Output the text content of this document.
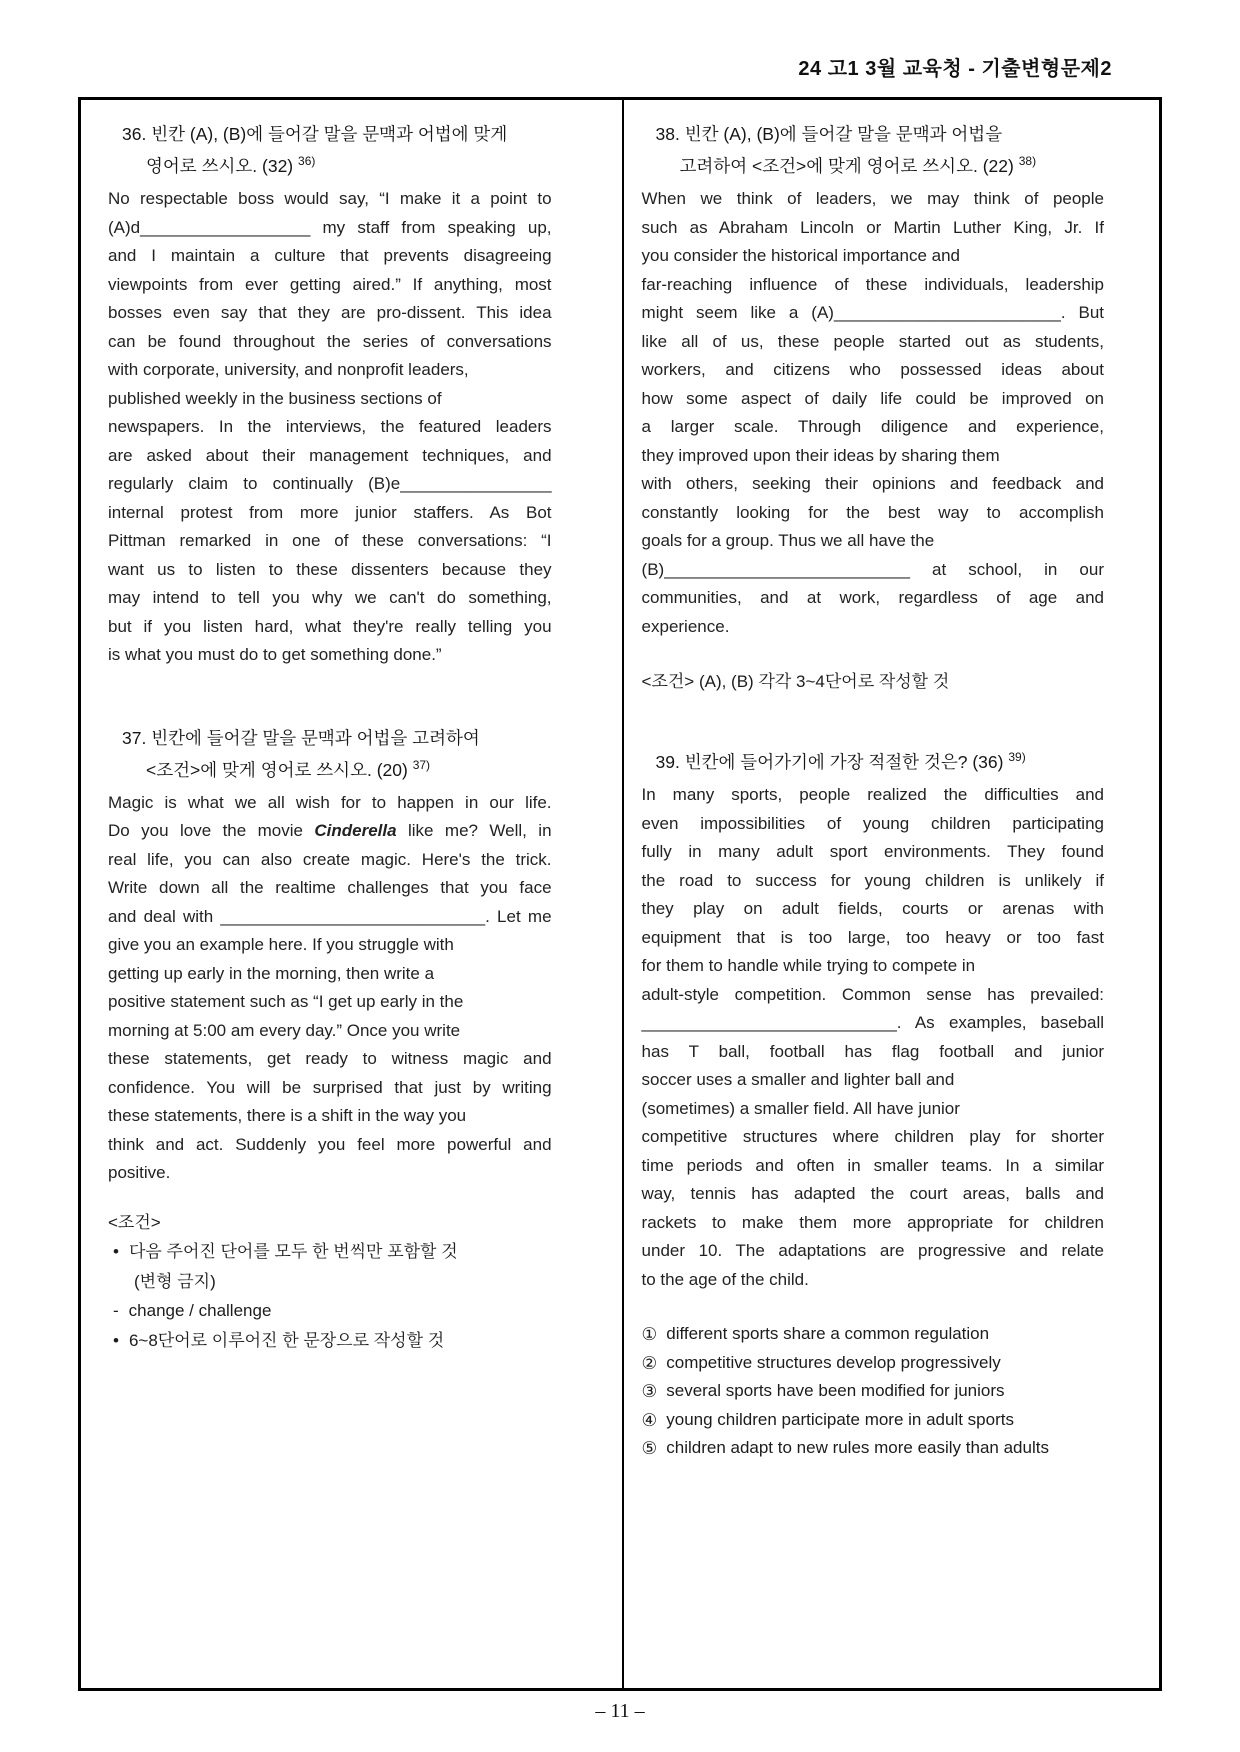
24 고1 3월 교육청 - 기출변형문제2
36. 빈칸 (A), (B)에 들어갈 말을 문맥과 어법에 맞게
영어로 쓰시오. (32) $^{36)}$
No respectable boss would say, “I make it a point to
(A)d__________________ my staff from speaking up,
and I maintain a culture that prevents disagreeing
viewpoints from ever getting aired.” If anything, most
bosses even say that they are pro-dissent. This idea
can be found throughout the series of conversations
with corporate, university, and nonprofit leaders,
published weekly in the business sections of
newspapers. In the interviews, the featured leaders
are asked about their management techniques, and
regularly claim to continually (B)e________________
internal protest from more junior staffers. As Bot
Pittman remarked in one of these conversations: “I
want us to listen to these dissenters because they
may intend to tell you why we can't do something,
but if you listen hard, what they're really telling you
is what you must do to get something done.”
37. 빈칸에 들어갈 말을 문맥과 어법을 고려하여
<조건>에 맞게 영어로 쓰시오. (20) $^{37)}$
Magic is what we all wish for to happen in our life.
Do you love the movie Cinderella like me? Well, in
real life, you can also create magic. Here's the trick.
Write down all the realtime challenges that you face
and deal with ____________________________. Let me
give you an example here. If you struggle with
getting up early in the morning, then write a
positive statement such as “I get up early in the
morning at 5:00 am every day.” Once you write
these statements, get ready to witness magic and
confidence. You will be surprised that just by writing
these statements, there is a shift in the way you
think and act. Suddenly you feel more powerful and
positive.
<조건>
• 다음 주어진 단어를 모두 한 번씩만 포함할 것
(변형 금지)
- change / challenge
• 6~8단어로 이루어진 한 문장으로 작성할 것
38. 빈칸 (A), (B)에 들어갈 말을 문맥과 어법을
고려하여 <조건>에 맞게 영어로 쓰시오. (22) $^{38)}$
When we think of leaders, we may think of people
such as Abraham Lincoln or Martin Luther King, Jr. If
you consider the historical importance and
far-reaching influence of these individuals, leadership
might seem like a (A)________________________. But
like all of us, these people started out as students,
workers, and citizens who possessed ideas about
how some aspect of daily life could be improved on
a larger scale. Through diligence and experience,
they improved upon their ideas by sharing them
with others, seeking their opinions and feedback and
constantly looking for the best way to accomplish
goals for a group. Thus we all have the
(B)__________________________ at school, in our
communities, and at work, regardless of age and
experience.
<조건> (A), (B) 각각 3~4단어로 작성할 것
39. 빈칸에 들어가기에 가장 적절한 것은? (36) $^{39)}$
In many sports, people realized the difficulties and
even impossibilities of young children participating
fully in many adult sport environments. They found
the road to success for young children is unlikely if
they play on adult fields, courts or arenas with
equipment that is too large, too heavy or too fast
for them to handle while trying to compete in
adult-style competition. Common sense has prevailed:
___________________________. As examples, baseball
has T ball, football has flag football and junior
soccer uses a smaller and lighter ball and
(sometimes) a smaller field. All have junior
competitive structures where children play for shorter
time periods and often in smaller teams. In a similar
way, tennis has adapted the court areas, balls and
rackets to make them more appropriate for children
under 10. The adaptations are progressive and relate
to the age of the child.
① different sports share a common regulation
② competitive structures develop progressively
③ several sports have been modified for juniors
④ young children participate more in adult sports
⑤ children adapt to new rules more easily than adults
– 11 –
